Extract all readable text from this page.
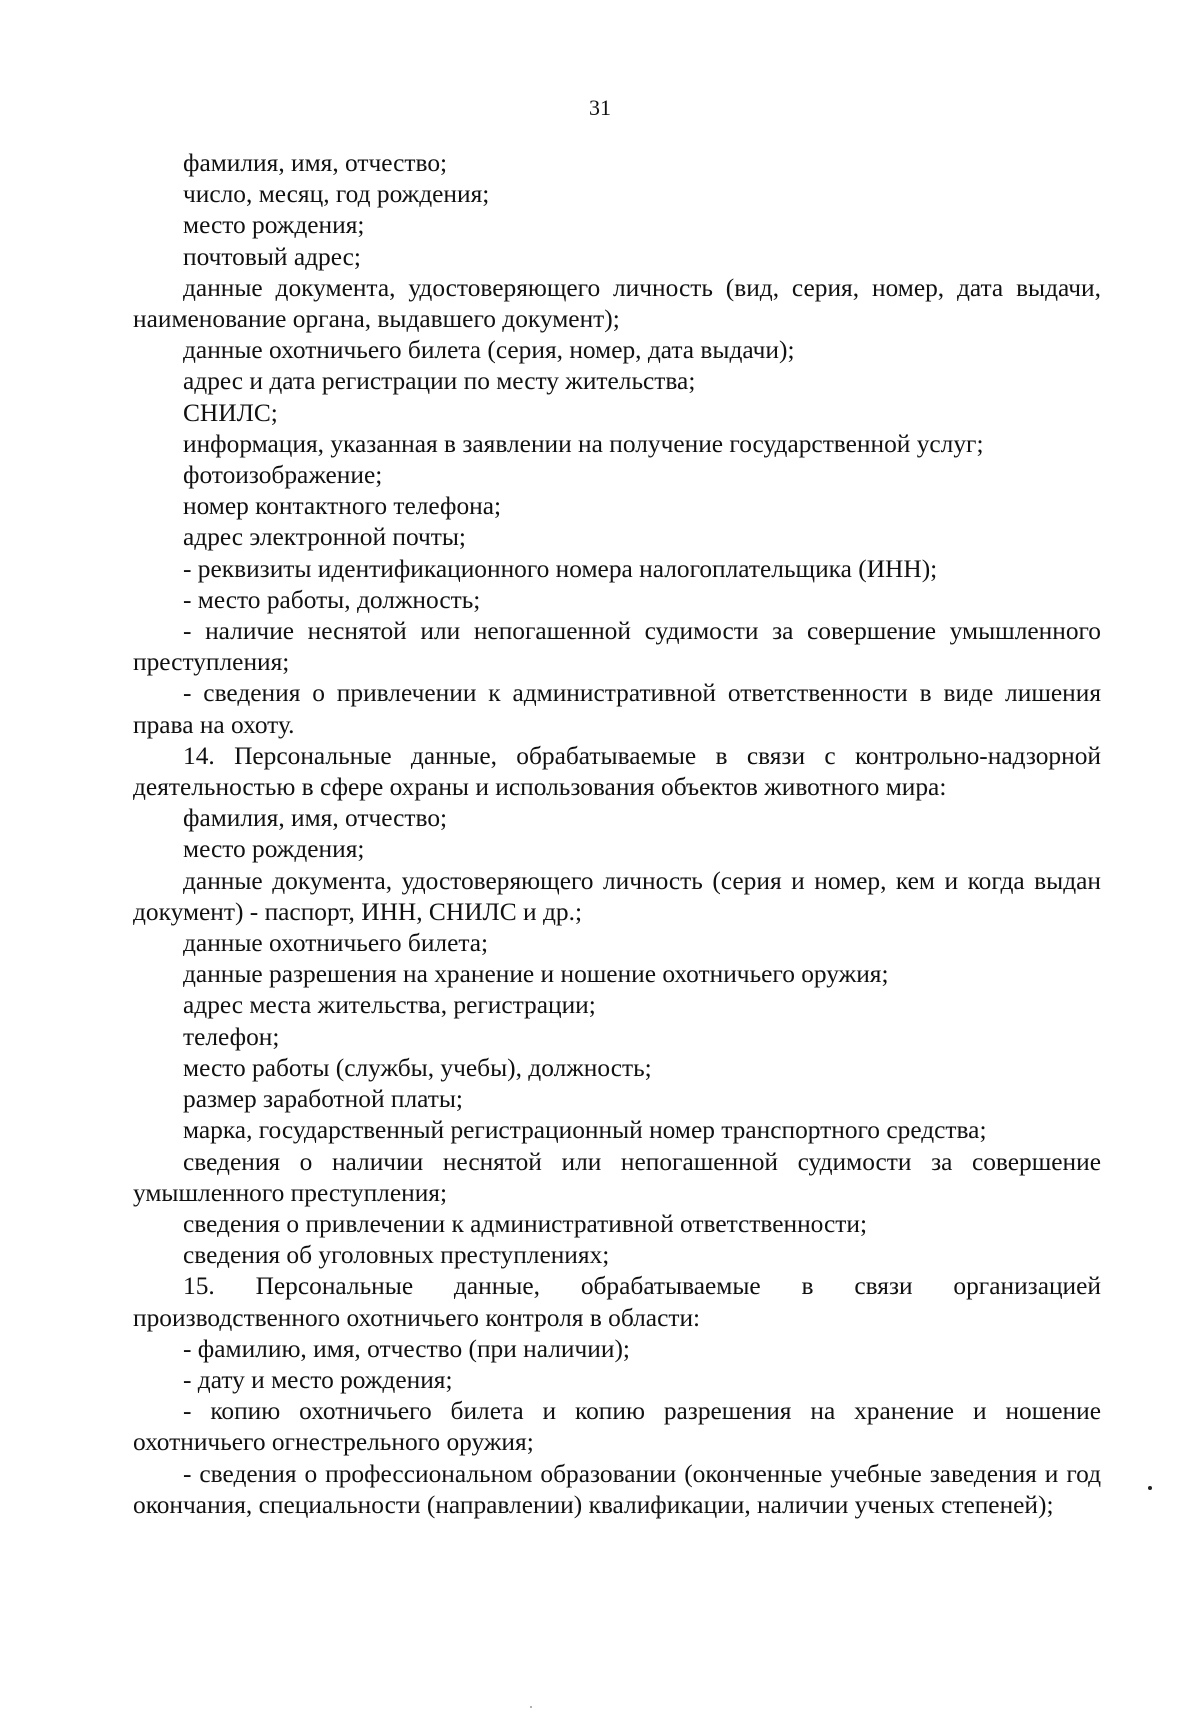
31

фамилия, имя, отчество;

число, месяц, год рождения;

место рождения;

почтовый адрес;

данные документа, удостоверяющего личность (вид, серия, номер, дата выдачи, наименование органа, выдавшего документ);

данные охотничьего билета (серия, номер, дата выдачи);

адрес и дата регистрации по месту жительства;

СНИЛС;

информация, указанная в заявлении на получение государственной услуг;

фотоизображение;

номер контактного телефона;

адрес электронной почты;

- реквизиты идентификационного номера налогоплательщика (ИНН);

- место работы, должность;

- наличие неснятой или непогашенной судимости за совершение умышленного преступления;

- сведения о привлечении к административной ответственности в виде лишения права на охоту.

14. Персональные данные, обрабатываемые в связи с контрольно-надзорной деятельностью в сфере охраны и использования объектов животного мира:

фамилия, имя, отчество;

место рождения;

данные документа, удостоверяющего личность (серия и номер, кем и когда выдан документ) - паспорт, ИНН, СНИЛС и др.;

данные охотничьего билета;

данные разрешения на хранение и ношение охотничьего оружия;

адрес места жительства, регистрации;

телефон;

место работы (службы, учебы), должность;

размер заработной платы;

марка, государственный регистрационный номер транспортного средства;

сведения о наличии неснятой или непогашенной судимости за совершение умышленного преступления;

сведения о привлечении к административной ответственности;

сведения об уголовных преступлениях;

15. Персональные данные, обрабатываемые в связи организацией производственного охотничьего контроля в области:

- фамилию, имя, отчество (при наличии);

- дату и место рождения;

- копию охотничьего билета и копию разрешения на хранение и ношение охотничьего огнестрельного оружия;

- сведения о профессиональном образовании (оконченные учебные заведения и год окончания, специальности (направлении) квалификации, наличии ученых степеней);
